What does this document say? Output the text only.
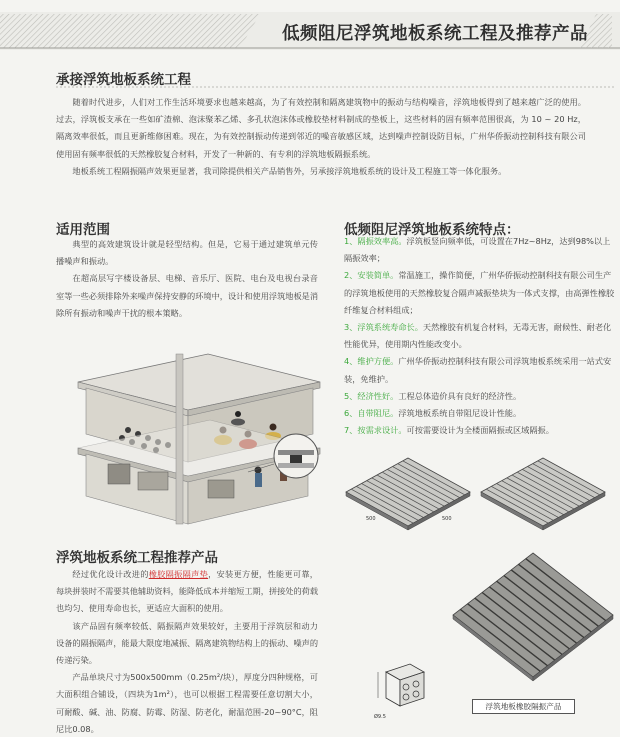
低频阻尼浮筑地板系统工程及推荐产品
承接浮筑地板系统工程

随着时代进步，人们对工作生活环境要求也越来越高，为了有效控制和隔离建筑物中的振动与结构噪音，浮筑地板得到了越来越广泛的使用。过去，浮筑板支承在一些如矿渣棉、泡沫聚苯乙烯、多孔状泡沫体或橡胶垫材料制成的垫板上，这些材料的固有频率范围很高，为 10 ~ 20 Hz，隔离效率很低，而且更新维修困难。现在，为有效控制振动传递到邻近的噪音敏感区域，达到噪声控制设防目标，广州华侨振动控制科技有限公司使用固有频率很低的天然橡胶复合材料，开发了一种新的、有专利的浮筑地板隔振系统。

地板系统工程隔振隔声效果更显著，我司除提供相关产品销售外，另承接浮筑地板系统的设计及工程施工等一体化服务。

适用范围

典型的高效建筑设计就是轻型结构。但是，它易于通过建筑单元传播噪声和振动。

在超高层写字楼设备层、电梯、音乐厅、医院、电台及电视台录音室等一些必须排除外来噪声保持安静的环境中，设计和使用浮筑地板是消除所有振动和噪声干扰的根本策略。

低频阻尼浮筑地板系统特点：
1、隔振效率高。浮筑板竖向频率低，可设置在7Hz~8Hz，达到98%以上隔振效率；
2、安装简单。常温施工，操作简便，广州华侨振动控制科技有限公司生产的浮筑地板使用的天然橡胶复合隔声减振垫块为一体式支撑，由高弹性橡胶纤维复合材料组成；
3、浮筑系统寿命长。天然橡胶有机复合材料，无毒无害，耐候性、耐老化性能优异，使用期内性能改变小。
4、维护方便。广州华侨振动控制科技有限公司浮筑地板系统采用一站式安装，免维护。
5、经济性好。工程总体造价具有良好的经济性。
6、自带阻尼。浮筑地板系统自带阻尼设计性能。
7、按需求设计。可按需要设计为全楼面隔振或区域隔振。
浮筑地板系统工程推荐产品

经过优化设计改进的橡胶隔振隔声垫，安装更方便，性能更可靠，每块拼装时不需要其他辅助资料，能降低成本并缩短工期，拼接处的荷载也均匀、使用寿命也长，更适应大面积的使用。

该产品固有频率较低、隔振隔声效果较好，主要用于浮筑层和动力设备的隔振隔声，能最大限度地减振、隔离建筑物结构上的振动、噪声的传递污染。

产品单块尺寸为500x500mm（0.25m²/块），厚度分四种规格，可大面积组合铺设，（四块为1m²），也可以根据工程需要任意切割大小，可耐酸、碱、油、防腐、防霉、防湿、防老化，耐温范围-20~90°C，阻尼比0.08。

500	500
Ø9.5
浮筑地板橡胶隔振产品
